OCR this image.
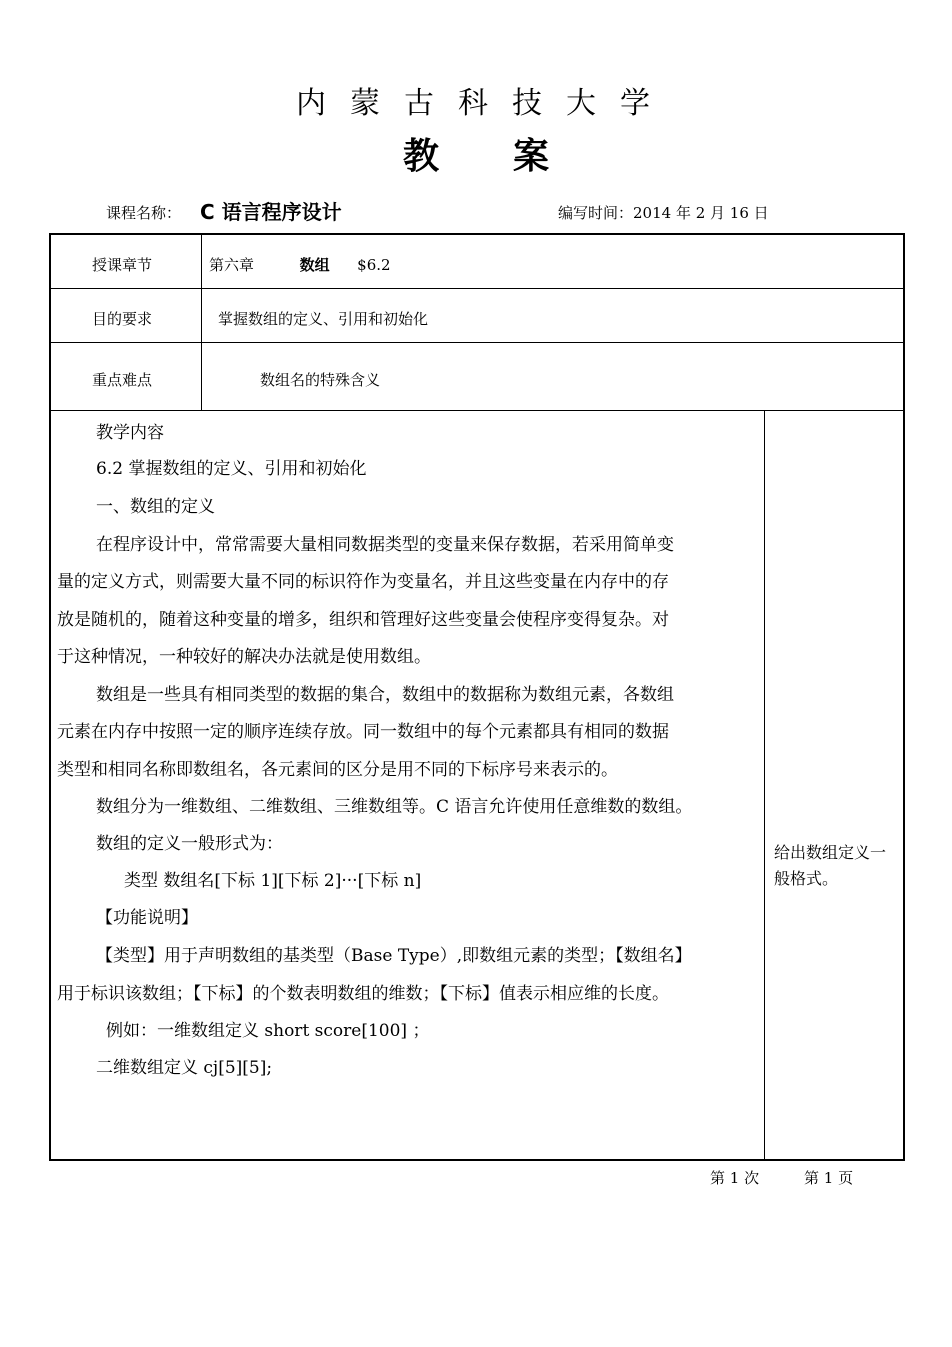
内蒙古科技大学
教案
课程名称： C 语言程序设计	编写时间：2014 年 2 月 16 日
授课章节	第六章	数组 $6.2
目的要求	掌握数组的定义、引用和初始化
重点难点	数组名的特殊含义
教学内容
6.2 掌握数组的定义、引用和初始化
一、数组的定义
在程序设计中，常常需要大量相同数据类型的变量来保存数据，若采用简单变
量的定义方式，则需要大量不同的标识符作为变量名，并且这些变量在内存中的存
放是随机的，随着这种变量的增多，组织和管理好这些变量会使程序变得复杂。对
于这种情况，一种较好的解决办法就是使用数组。
数组是一些具有相同类型的数据的集合，数组中的数据称为数组元素，各数组
元素在内存中按照一定的顺序连续存放。同一数组中的每个元素都具有相同的数据
类型和相同名称即数组名，各元素间的区分是用不同的下标序号来表示的。
数组分为一维数组、二维数组、三维数组等。C 语言允许使用任意维数的数组。
数组的定义一般形式为：
类型 数组名[下标 1][下标 2]···[下标 n]
【功能说明】
【类型】用于声明数组的基类型（Base Type）,即数组元素的类型；【数组名】
用于标识该数组；【下标】的个数表明数组的维数；【下标】值表示相应维的长度。
例如：一维数组定义 short score[100] ；
二维数组定义 cj[5][5];
给出数组定义一
般格式。
第 1 次	第 1 页
